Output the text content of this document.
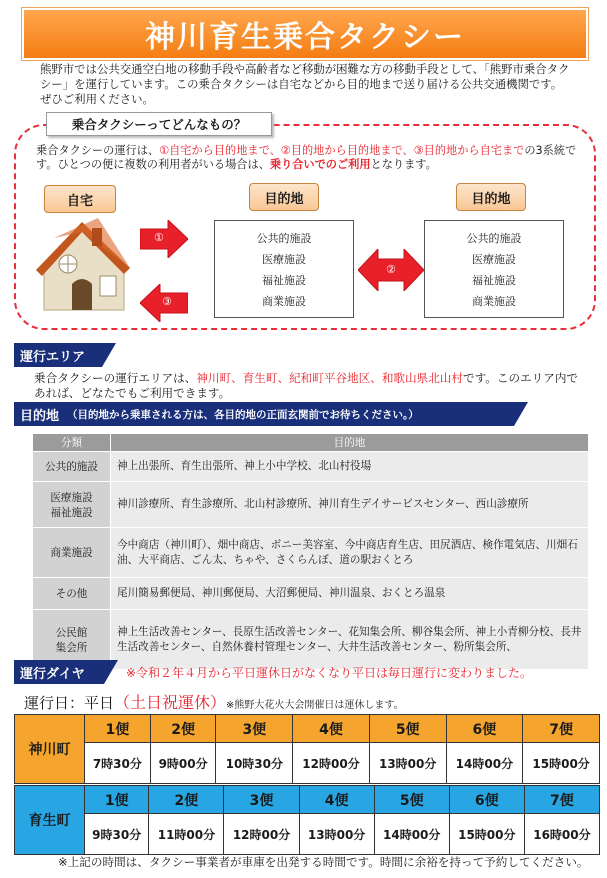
神川育生乗合タクシー

熊野市では公共交通空白地の移動手段や高齢者など移動が困難な方の移動手段として、「熊野市乗合タクシー」を運行しています。この乗合タクシーは自宅などから目的地まで送り届ける公共交通機関です。ぜひご利用ください。

乗合タクシーってどんなもの？

乗合タクシーの運行は、①自宅から目的地まで、②目的地から目的地まで、③目的地から自宅までの3系統です。ひとつの便に複数の利用者がいる場合は、乗り合いでのご利用となります。

自宅	目的地	目的地
①
③
②
公共的施設
医療施設
福祉施設
商業施設
公共的施設
医療施設
福祉施設
商業施設
運行エリア

乗合タクシーの運行エリアは、神川町、育生町、紀和町平谷地区、和歌山県北山村です。このエリア内であれば、どなたでもご利用できます。

目的地 （目的地から乗車される方は、各目的地の正面玄関前でお待ちください。）
分類	目的地
公共的施設	神上出張所、育生出張所、神上小中学校、北山村役場
医療施設
福祉施設	神川診療所、育生診療所、北山村診療所、神川育生デイサービスセンター、西山診療所
商業施設	今中商店（神川町）、畑中商店、ボニー美容室、今中商店育生店、田尻酒店、検作電気店、川畑石油、大平商店、ごん太、ちゃや、さくらんぼ、道の駅おくとろ
その他	尾川簡易郵便局、神川郵便局、大沼郵便局、神川温泉、おくとろ温泉
公民館
集会所	神上生活改善センター、長原生活改善センター、花知集会所、柳谷集会所、神上小青柳分校、長井生活改善センター、自然休養村管理センター、大井生活改善センター、粉所集会所、
運行ダイヤ	※令和２年４月から平日運休日がなくなり平日は毎日運行に変わりました。
運行日：平日（土日祝運休）※熊野大花火大会開催日は運休します。
神川町	1便	2便	3便	4便	5便	6便	7便
	7時30分	9時00分	10時30分	12時00分	13時00分	14時00分	15時00分
育生町	1便	2便	3便	4便	5便	6便	7便
	9時30分	11時00分	12時00分	13時00分	14時00分	15時00分	16時00分

※上記の時間は、タクシー事業者が車庫を出発する時間です。時間に余裕を持って予約してください。
